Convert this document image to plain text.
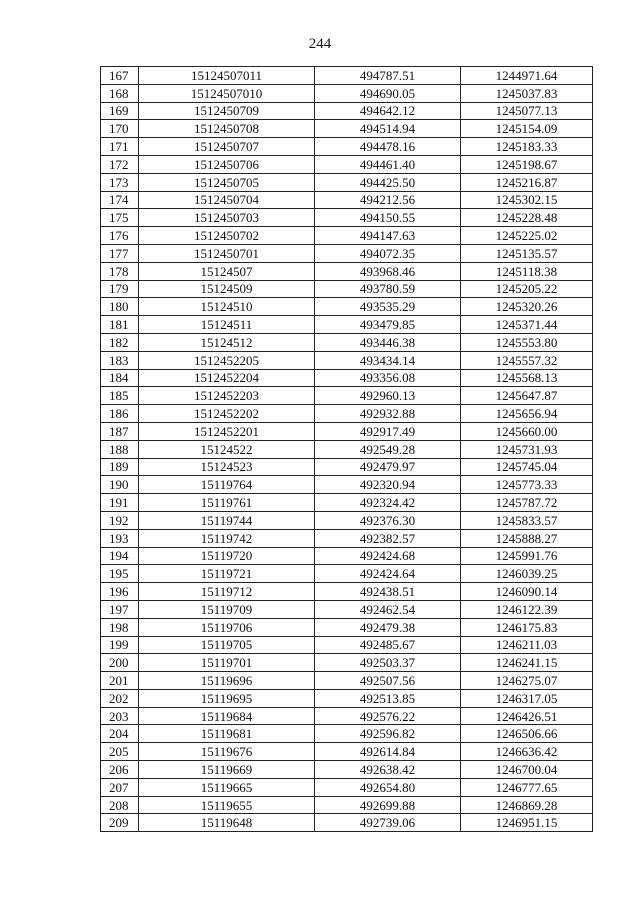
244
167	15124507011	494787.51	1244971.64
168	15124507010	494690.05	1245037.83
169	1512450709	494642.12	1245077.13
170	1512450708	494514.94	1245154.09
171	1512450707	494478.16	1245183.33
172	1512450706	494461.40	1245198.67
173	1512450705	494425.50	1245216.87
174	1512450704	494212.56	1245302.15
175	1512450703	494150.55	1245228.48
176	1512450702	494147.63	1245225.02
177	1512450701	494072.35	1245135.57
178	15124507	493968.46	1245118.38
179	15124509	493780.59	1245205.22
180	15124510	493535.29	1245320.26
181	15124511	493479.85	1245371.44
182	15124512	493446.38	1245553.80
183	1512452205	493434.14	1245557.32
184	1512452204	493356.08	1245568.13
185	1512452203	492960.13	1245647.87
186	1512452202	492932.88	1245656.94
187	1512452201	492917.49	1245660.00
188	15124522	492549.28	1245731.93
189	15124523	492479.97	1245745.04
190	15119764	492320.94	1245773.33
191	15119761	492324.42	1245787.72
192	15119744	492376.30	1245833.57
193	15119742	492382.57	1245888.27
194	15119720	492424.68	1245991.76
195	15119721	492424.64	1246039.25
196	15119712	492438.51	1246090.14
197	15119709	492462.54	1246122.39
198	15119706	492479.38	1246175.83
199	15119705	492485.67	1246211.03
200	15119701	492503.37	1246241.15
201	15119696	492507.56	1246275.07
202	15119695	492513.85	1246317.05
203	15119684	492576.22	1246426.51
204	15119681	492596.82	1246506.66
205	15119676	492614.84	1246636.42
206	15119669	492638.42	1246700.04
207	15119665	492654.80	1246777.65
208	15119655	492699.88	1246869.28
209	15119648	492739.06	1246951.15
